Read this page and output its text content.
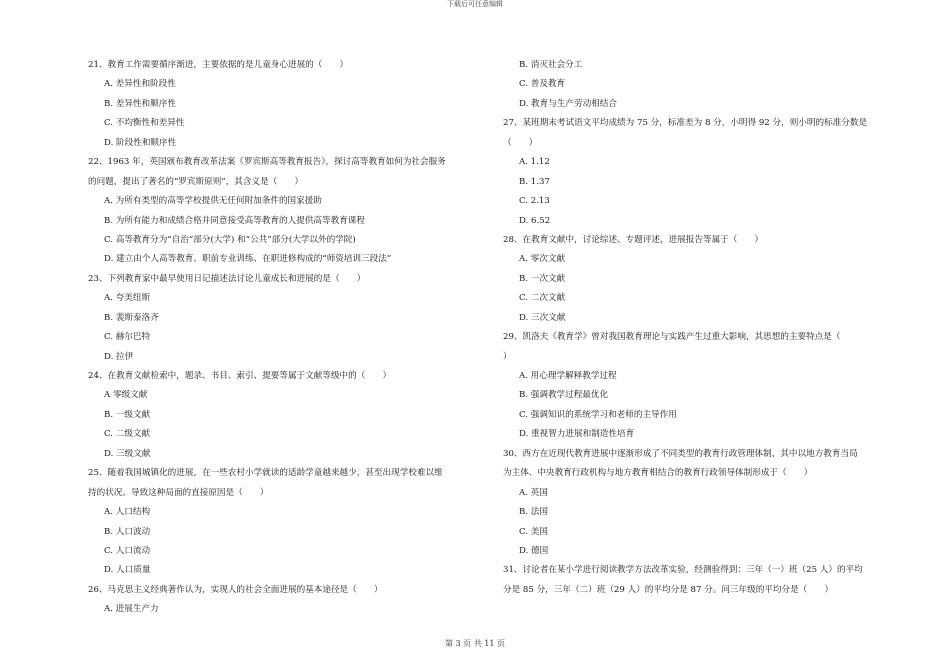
下载后可任意编辑
21、教育工作需要循序渐进，主要依据的是儿童身心进展的（　　）
A. 差异性和阶段性
B. 差异性和顺序性
C. 不均衡性和差异性
D. 阶段性和顺序性
22、1963 年，英国颁布教育改革法案《罗宾斯高等教育报告》，探讨高等教育如何为社会服务
的问题，提出了著名的“罗宾斯原则”，其含义是（　　）
A. 为所有类型的高等学校提供无任何附加条件的国家援助
B. 为所有能力和成绩合格并同意接受高等教育的人提供高等教育课程
C. 高等教育分为“自治”部分(大学) 和“公共”部分(大学以外的学院)
D. 建立由个人高等教育、职前专业训练、在职进修构成的“师资培训三段法”
23、下列教育家中最早使用日记描述法讨论儿童成长和进展的是（　　）
A. 夸美纽斯
B. 裴斯泰洛齐
C. 赫尔巴特
D. 拉伊
24、在教育文献检索中，题录、书目、索引、提要等属于文献等级中的（　　）
A 零级文献
B. 一级文献
C. 二级文献
D. 三级文献
25、随着我国城镇化的进展，在一些农村小学就读的适龄学童越来越少，甚至出现学校难以维
持的状况。导致这种局面的直接原因是（　　）
A. 人口结构
B. 人口波动
C. 人口流动
D. 人口质量
26、马克思主义经典著作认为，实现人的社会全面进展的基本途径是（　　）
A. 进展生产力
B. 消灭社会分工
C. 普及教育
D. 教育与生产劳动相结合
27、某班期末考试语文平均成绩为 75 分，标准差为 8 分，小明得 92 分，则小明的标准分数是
（　　）
A. 1.12
B. 1.37
C. 2.13
D. 6.52
28、在教育文献中，讨论综述、专题评述，进展报告等属于（　　）
A. 零次文献
B. 一次文献
C. 二次文献
D. 三次文献
29、凯洛夫《教育学》曾对我国教育理论与实践产生过重大影响，其思想的主要特点是（
）
A. 用心理学解释教学过程
B. 强调教学过程最优化
C. 强调知识的系统学习和老师的主导作用
D. 重视智力进展和制造性培育
30、西方在近现代教育进展中逐渐形成了不同类型的教育行政管理体制，其中以地方教育当局
为主体、中央教育行政机构与地方教育相结合的教育行政领导体制形成于（　　）
A. 英国
B. 法国
C. 美国
D. 德国
31、讨论者在某小学进行阅读教学方法改革实验，经测验得到：三年（一）班（25 人）的平均
分是 85 分，三年（二）班（29 人）的平均分是 87 分。问三年级的平均分是（　　）
第 3 页 共 11 页
